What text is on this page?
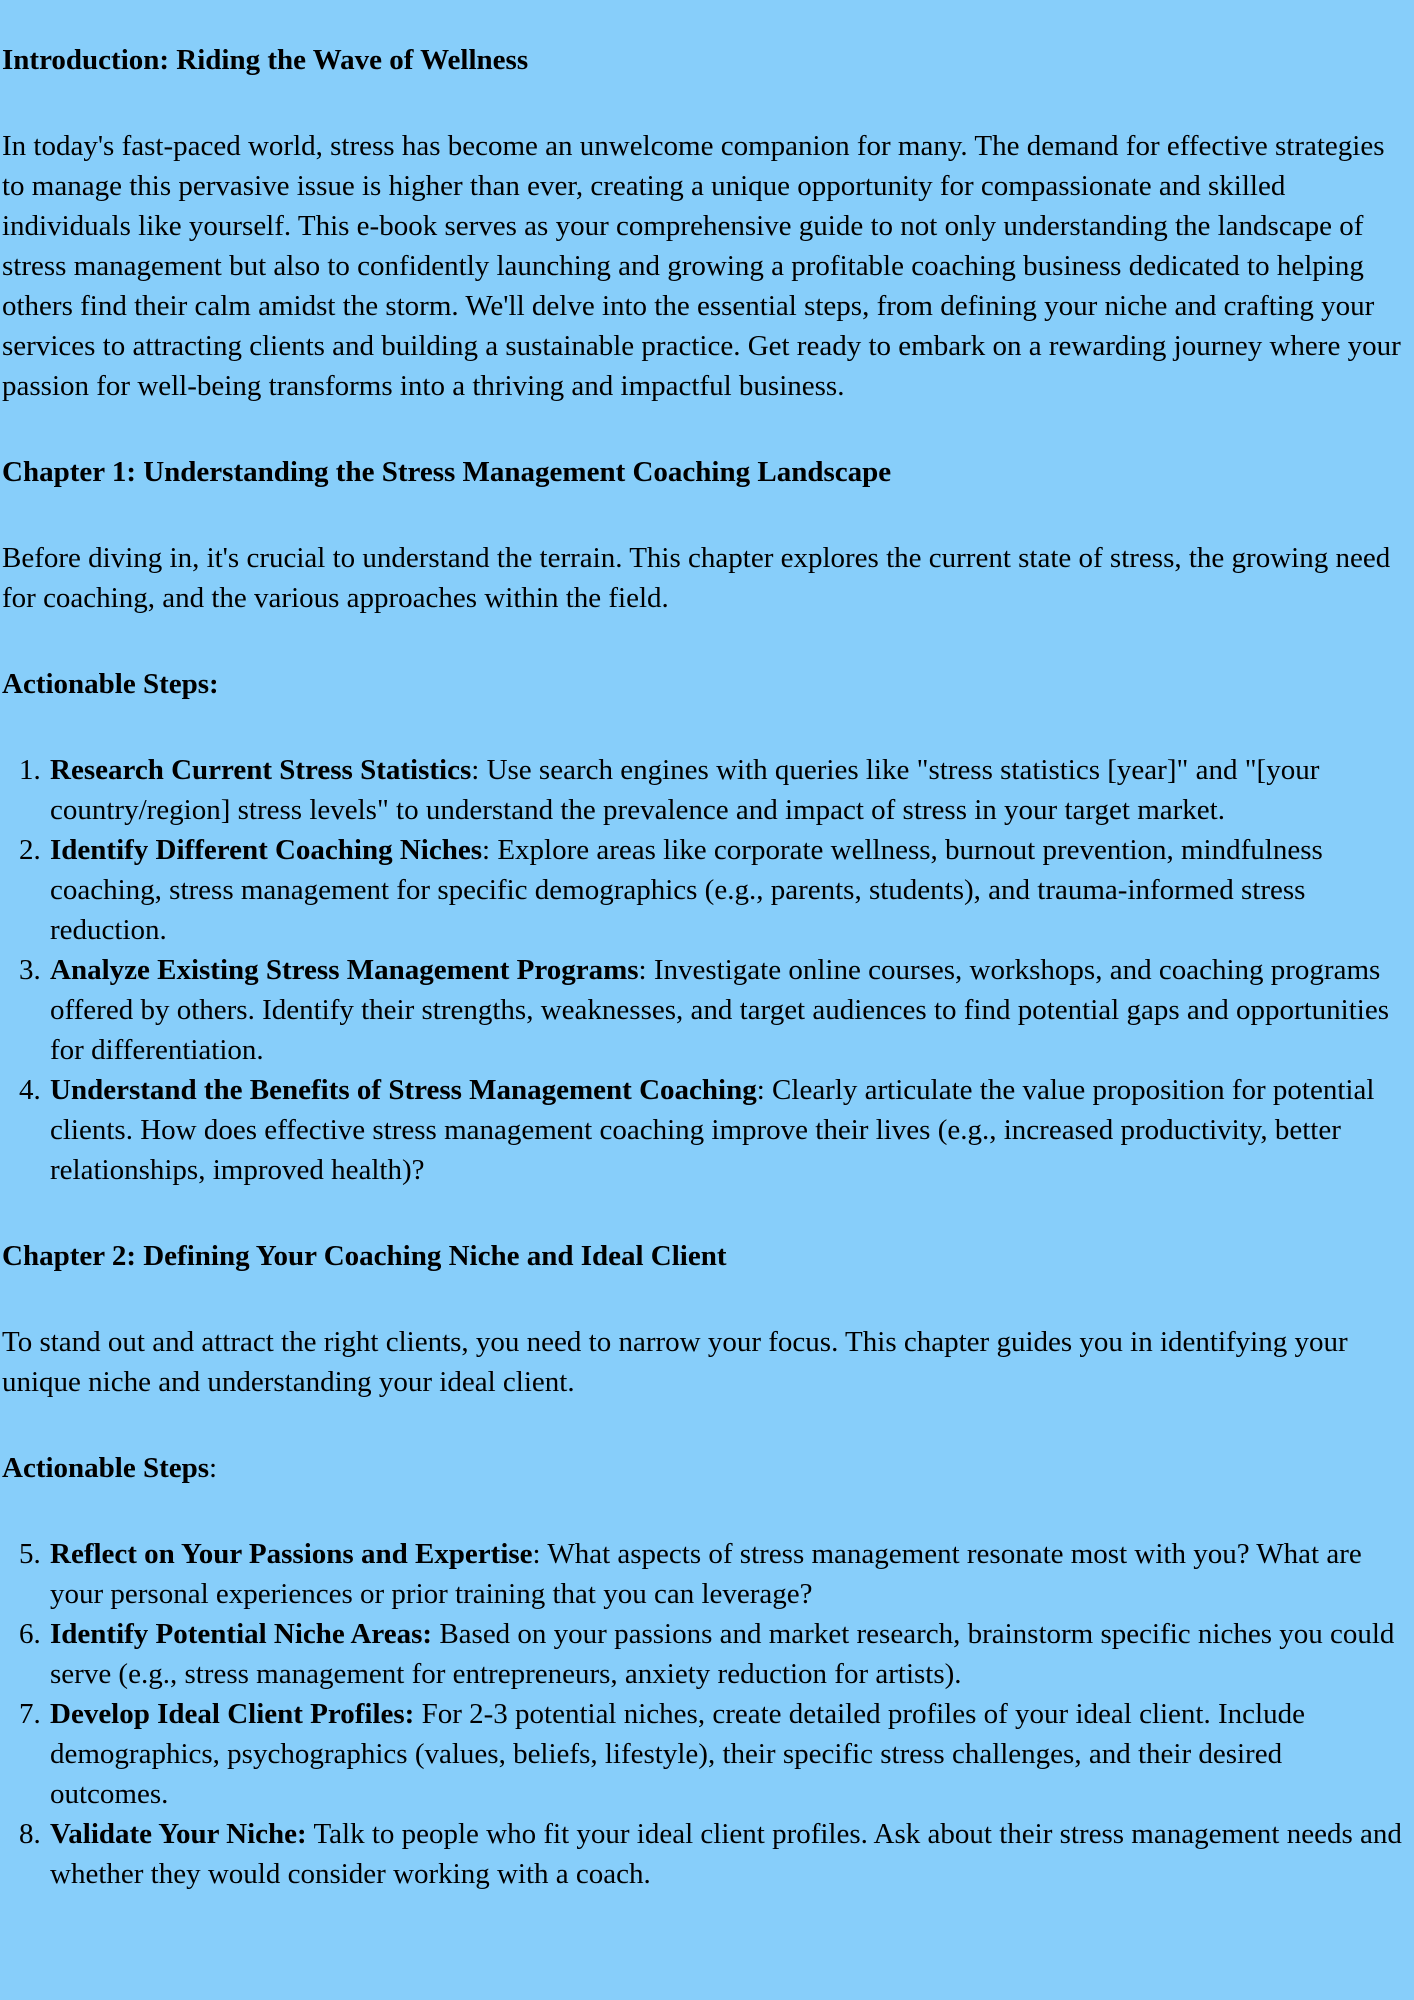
Introduction: Riding the Wave of Wellness

In today's fast-paced world, stress has become an unwelcome companion for many. The demand for effective strategies to manage this pervasive issue is higher than ever, creating a unique opportunity for compassionate and skilled individuals like yourself. This e-book serves as your comprehensive guide to not only understanding the landscape of stress management but also to confidently launching and growing a profitable coaching business dedicated to helping others find their calm amidst the storm. We'll delve into the essential steps, from defining your niche and crafting your services to attracting clients and building a sustainable practice. Get ready to embark on a rewarding journey where your passion for well-being transforms into a thriving and impactful business.

Chapter 1: Understanding the Stress Management Coaching Landscape

Before diving in, it's crucial to understand the terrain. This chapter explores the current state of stress, the growing need for coaching, and the various approaches within the field.

Actionable Steps:
1. Research Current Stress Statistics: Use search engines with queries like "stress statistics [year]" and "[your country/region] stress levels" to understand the prevalence and impact of stress in your target market.
2. Identify Different Coaching Niches: Explore areas like corporate wellness, burnout prevention, mindfulness coaching, stress management for specific demographics (e.g., parents, students), and trauma-informed stress reduction.
3. Analyze Existing Stress Management Programs: Investigate online courses, workshops, and coaching programs offered by others. Identify their strengths, weaknesses, and target audiences to find potential gaps and opportunities for differentiation.
4. Understand the Benefits of Stress Management Coaching: Clearly articulate the value proposition for potential clients. How does effective stress management coaching improve their lives (e.g., increased productivity, better relationships, improved health)?
Chapter 2: Defining Your Coaching Niche and Ideal Client

To stand out and attract the right clients, you need to narrow your focus. This chapter guides you in identifying your unique niche and understanding your ideal client.

Actionable Steps:
5. Reflect on Your Passions and Expertise: What aspects of stress management resonate most with you? What are your personal experiences or prior training that you can leverage?
6. Identify Potential Niche Areas: Based on your passions and market research, brainstorm specific niches you could serve (e.g., stress management for entrepreneurs, anxiety reduction for artists).
7. Develop Ideal Client Profiles: For 2-3 potential niches, create detailed profiles of your ideal client. Include demographics, psychographics (values, beliefs, lifestyle), their specific stress challenges, and their desired outcomes.
8. Validate Your Niche: Talk to people who fit your ideal client profiles. Ask about their stress management needs and whether they would consider working with a coach.
